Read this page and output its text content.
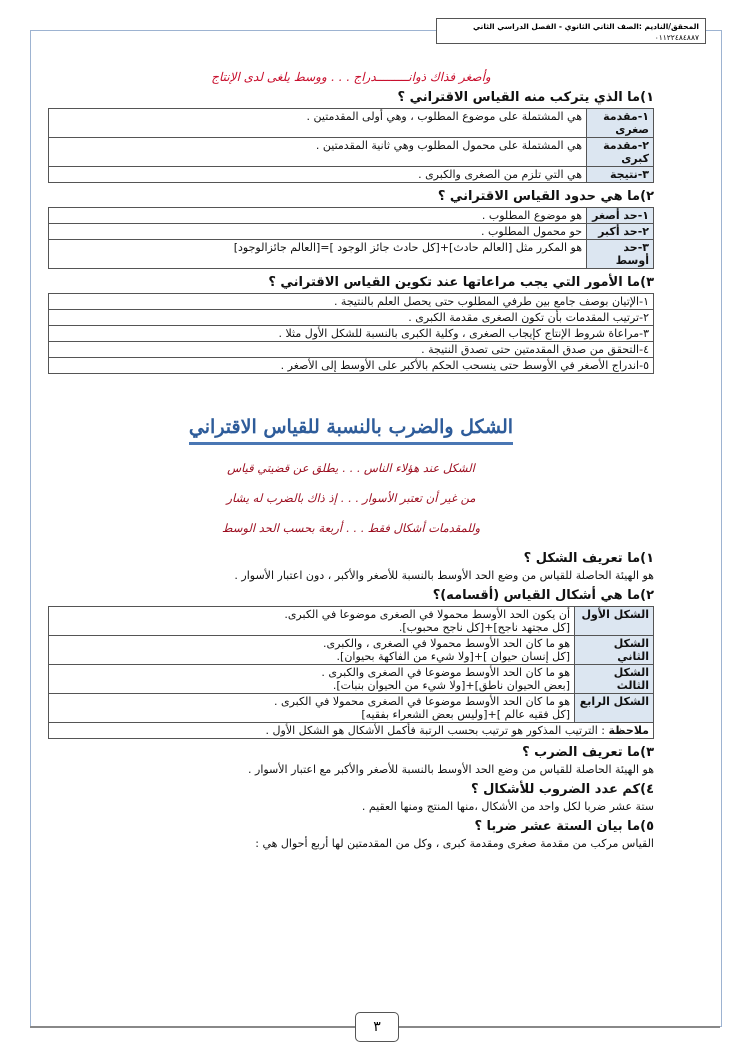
المحقق/الناديم :الصف الثاني الثانوي - الفصل الدراسي الثاني
٠١١٢٢٤٨٤٨٨٧
وأصغر فذاك ذوانـــــــــدراج . . . ووسط يلغى لدى الإنتاج
١)ما الذي يتركب منه القياس الاقتراني ؟
١-مقدمة صغرى	هي المشتملة على موضوع المطلوب ، وهي أولى المقدمتين .
٢-مقدمة كبرى	هي المشتملة على محمول المطلوب وهي ثانية المقدمتين .
٣-نتيجة	هي التي تلزم من الصغرى والكبرى .
٢)ما هي حدود القياس الاقتراني ؟
١-حد أصغر	هو موضوع المطلوب .
٢-حد أكبر	حو محمول المطلوب .
٣-حد أوسط	هو المكرر مثل [العالم حادث]+[كل حادث جائز الوجود ]=[العالم جائزالوجود]
٣)ما الأمور التي يجب مراعاتها عند تكوين القياس الاقتراني ؟
١-الإتيان بوصف جامع بين طرفي المطلوب حتى يحصل العلم بالنتيجة .
٢-ترتيب المقدمات بأن تكون الصغرى مقدمة الكبرى .
٣-مراعاة شروط الإنتاج كإيجاب الصغرى ، وكلية الكبرى بالنسبة للشكل الأول مثلا .
٤-التحقق من صدق المقدمتين حتى تصدق النتيجة .
٥-اندراج الأصغر في الأوسط حتى ينسحب الحكم بالأكبر على الأوسط إلى الأصغر .
الشكل والضرب بالنسبة للقياس الاقتراني
الشكل عند هؤلاء الناس . . . يطلق عن قضيتي قياس
من غير أن تعتبر الأسوار . . . إذ ذاك بالضرب له يشار
وللمقدمات أشكال فقط . . . أربعة بحسب الحد الوسط
١)ما تعريف الشكل ؟

هو الهيئة الحاصلة للقياس من وضع الحد الأوسط بالنسبة للأصغر والأكبر ، دون اعتبار الأسوار .

٢)ما هي أشكال القياس (أقسامه)؟
الشكل الأول	أن يكون الحد الأوسط محمولا في الصغرى موضوعا في الكبرى.
[كل مجتهد ناجح]+[كل ناجح محبوب].

الشكل الثاني	هو ما كان الحد الأوسط محمولا في الصغرى ، والكبرى.
[كل إنسان حيوان ]+[ولا شيء من الفاكهة بحيوان].

الشكل الثالث	هو ما كان الحد الأوسط موضوعا في الصغرى والكبرى .
[بعض الحيوان ناطق]+[ولا شيء من الحيوان بنبات].

الشكل الرابع	هو ما كان الحد الأوسط موضوعا في الصغرى محمولا في الكبرى .
[كل فقيه عالم ]+[وليس بعض الشعراء بفقيه]

ملاحظة : الترتيب المذكور هو ترتيب بحسب الرتبة فأكمل الأشكال هو الشكل الأول .	
٣)ما تعريف الضرب ؟

هو الهيئة الحاصلة للقياس من وضع الحد الأوسط بالنسبة للأصغر والأكبر مع اعتبار الأسوار .

٤)كم عدد الضروب للأشكال ؟

ستة عشر ضربا لكل واحد من الأشكال ،منها المنتج ومنها العقيم .

٥)ما بيان الستة عشر ضربا ؟

القياس مركب من مقدمة صغرى ومقدمة كبرى ، وكل من المقدمتين لها أربع أحوال هي :

٣
